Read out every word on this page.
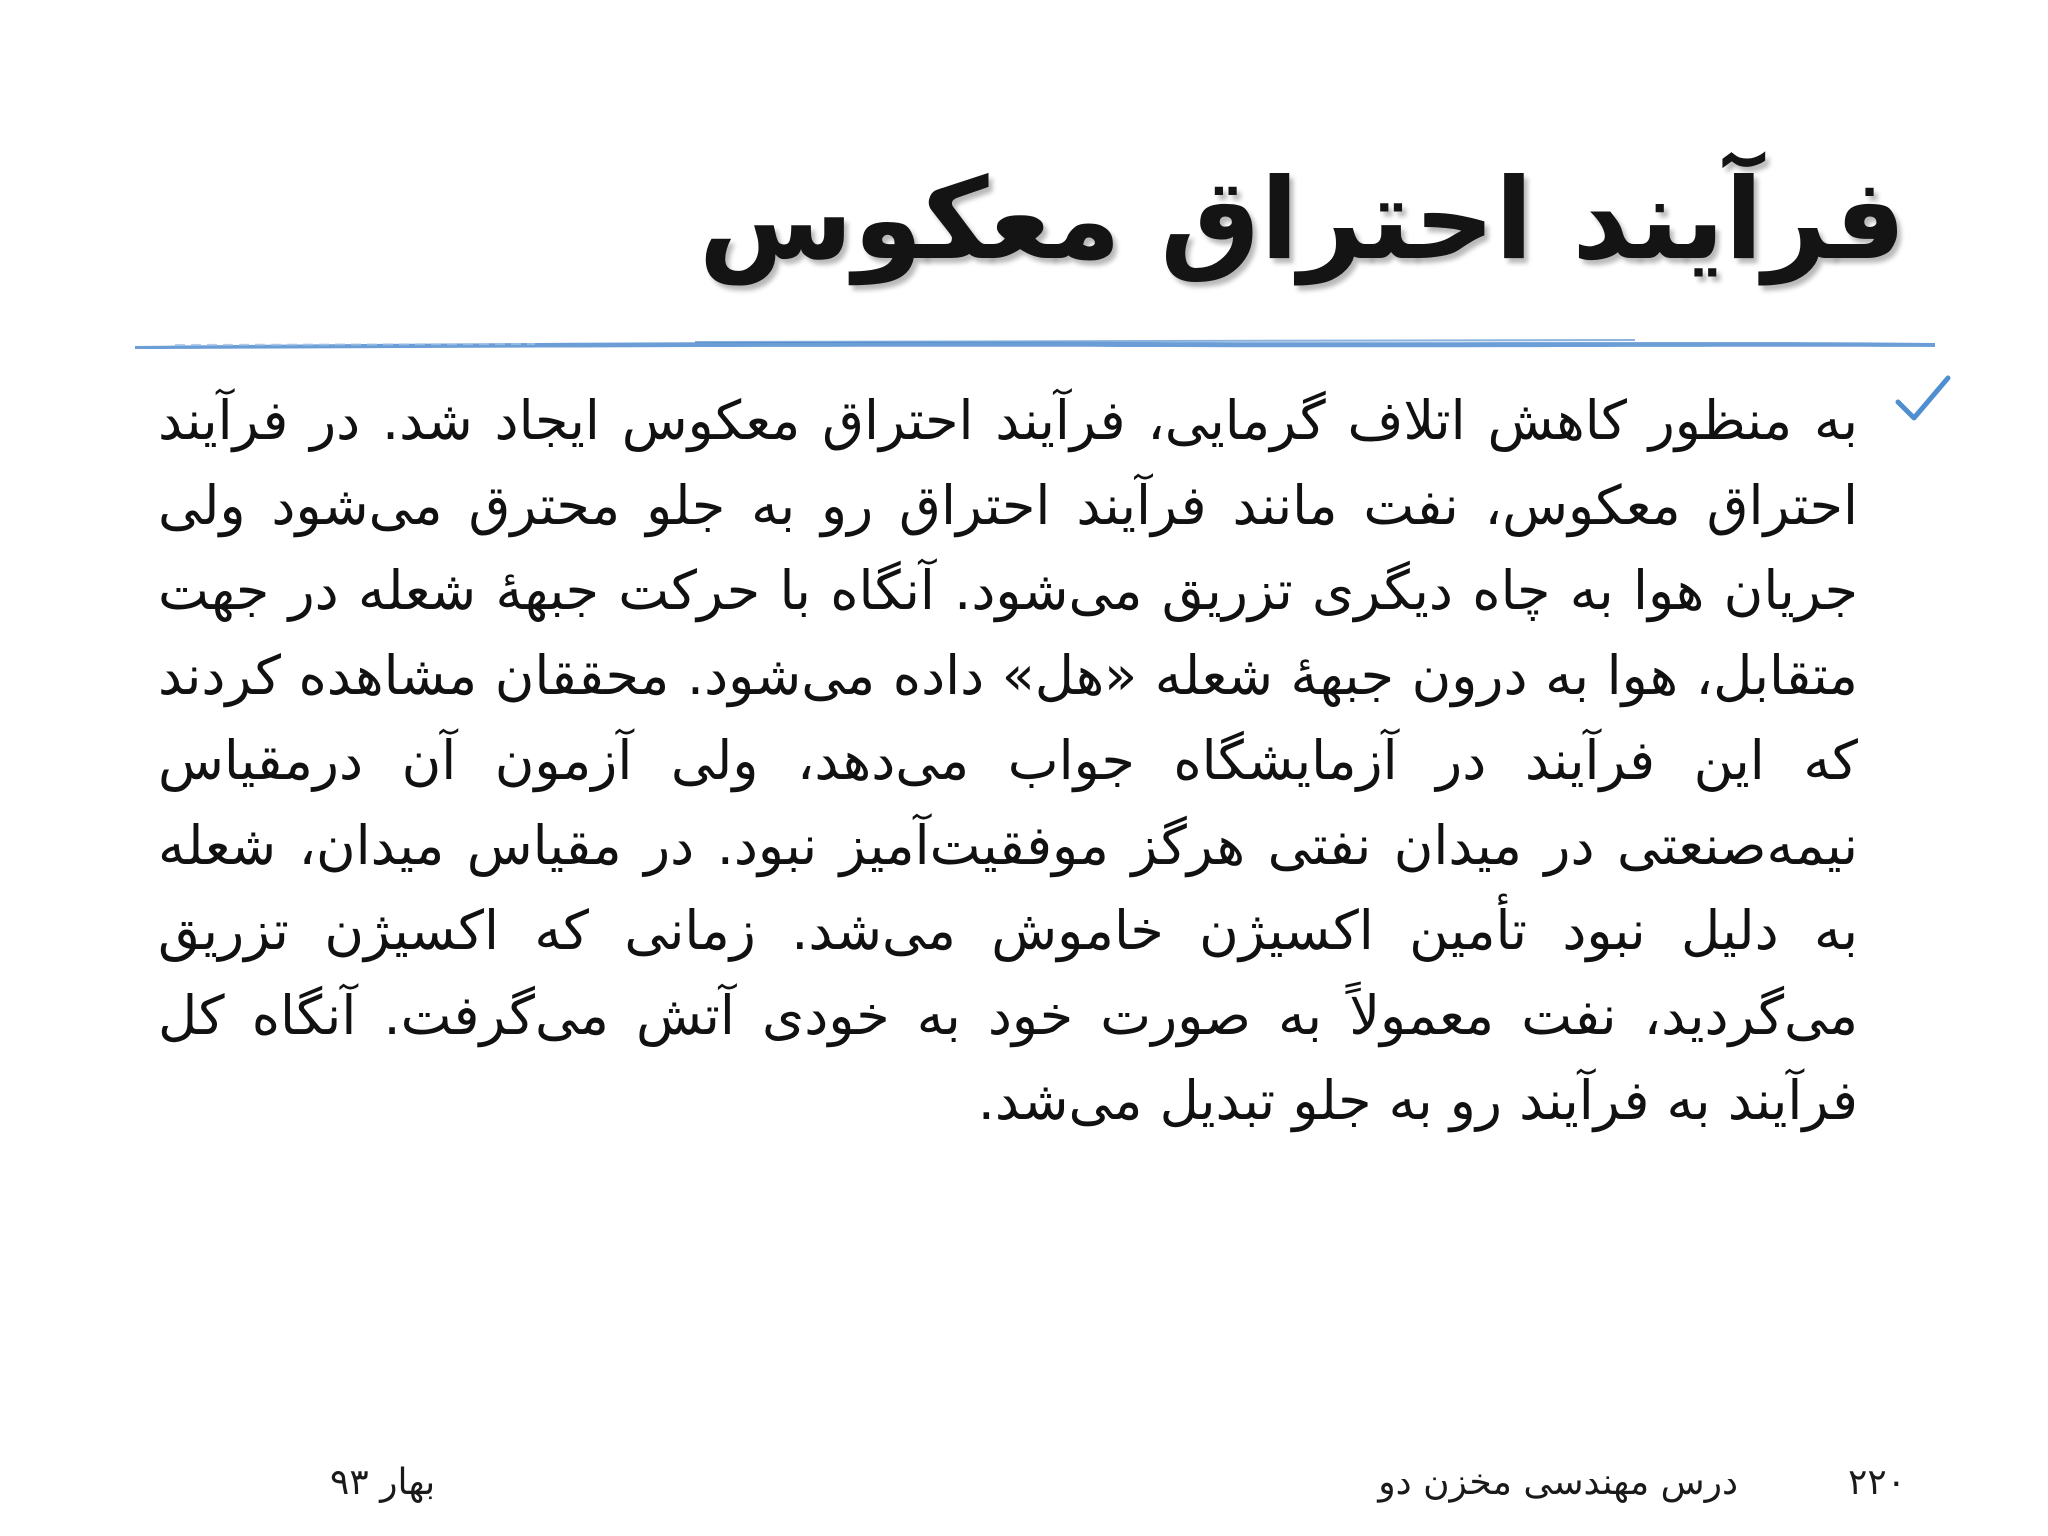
فرآیند احتراق معکوس
به منظور کاهش اتلاف گرمایی، فرآیند احتراق معکوس ایجاد شد. در فرآیند احتراق معکوس، نفت مانند فرآیند احتراق رو به جلو محترق می‌شود ولی جریان هوا به چاه دیگری تزریق می‌شود. آنگاه با حرکت جبههٔ شعله در جهت متقابل، هوا به درون جبههٔ شعله «هل» داده می‌شود. محققان مشاهده کردند که این فرآیند در آزمایشگاه جواب می‌دهد، ولی آزمون آن درمقیاس نیمه‌صنعتی در میدان نفتی هرگز موفقیت‌آمیز نبود. در مقیاس میدان، شعله به دلیل نبود تأمین اکسیژن خاموش می‌شد. زمانی که اکسیژن تزریق می‌گردید، نفت معمولاً به صورت خود به خودی آتش می‌گرفت. آنگاه کل فرآیند به فرآیند رو به جلو تبدیل می‌شد.
۲۲۰
درس مهندسی مخزن دو
بهار ۹۳
